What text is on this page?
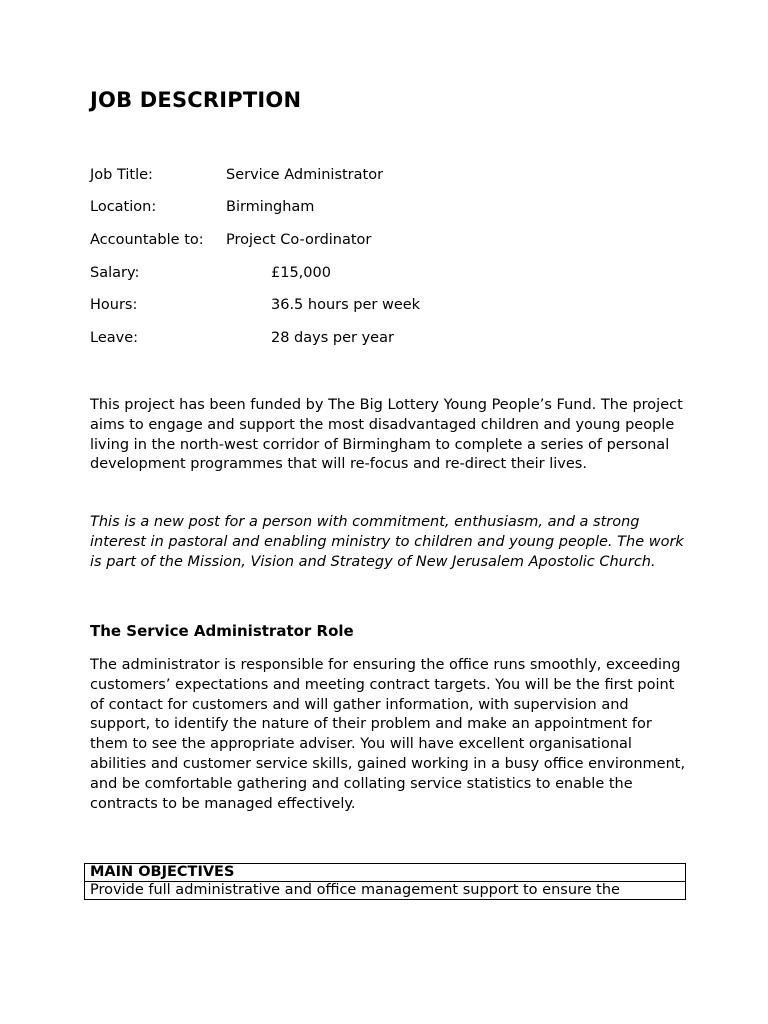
JOB DESCRIPTION
Job Title:	Service Administrator
Location:	Birmingham
Accountable to: Project Co-ordinator
Salary:	£15,000
Hours:	36.5 hours per week
Leave:	28 days per year

This project has been funded by The Big Lottery Young People’s Fund. The project aims to engage and support the most disadvantaged children and young people living in the north-west corridor of Birmingham to complete a series of personal development programmes that will re-focus and re-direct their lives.

This is a new post for a person with commitment, enthusiasm, and a strong interest in pastoral and enabling ministry to children and young people. The work is part of the Mission, Vision and Strategy of New Jerusalem Apostolic Church.

The Service Administrator Role

The administrator is responsible for ensuring the office runs smoothly, exceeding customers’ expectations and meeting contract targets. You will be the first point of contact for customers and will gather information, with supervision and support, to identify the nature of their problem and make an appointment for them to see the appropriate adviser. You will have excellent organisational abilities and customer service skills, gained working in a busy office environment, and be comfortable gathering and collating service statistics to enable the contracts to be managed effectively.

MAIN OBJECTIVES
Provide full administrative and office management support to ensure the
